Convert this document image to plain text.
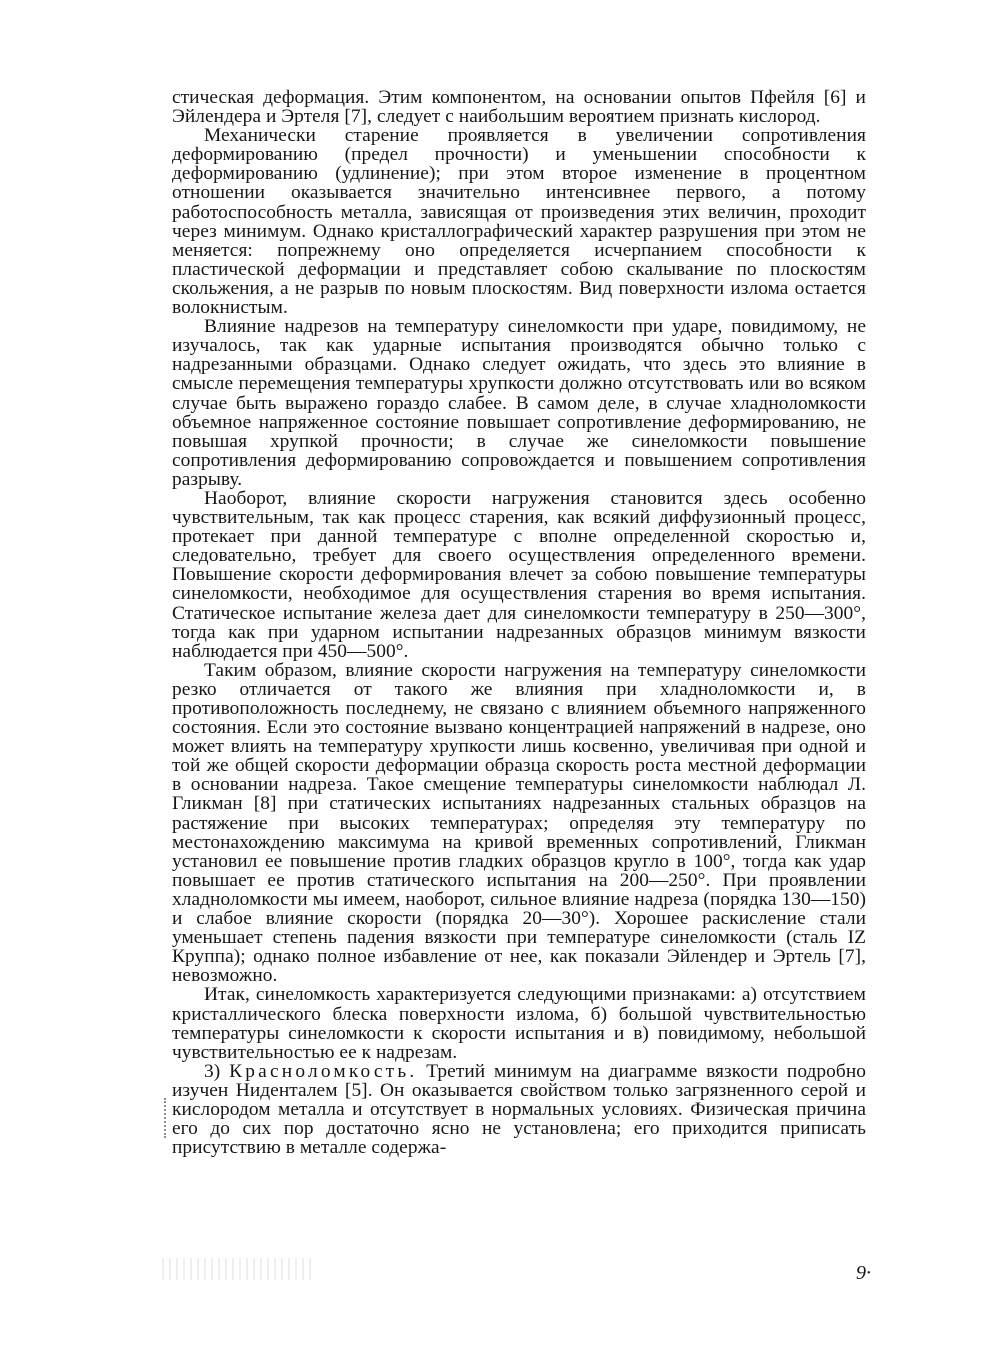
стическая деформация. Этим компонентом, на основании опытов Пфейля [6] и Эйлендера и Эртеля [7], следует с наибольшим вероятием признать кислород.

Механически старение проявляется в увеличении сопротивления деформированию (предел прочности) и уменьшении способности к деформированию (удлинение); при этом второе изменение в процентном отношении оказывается значительно интенсивнее первого, а потому работоспособность металла, зависящая от произведения этих величин, проходит через минимум. Однако кристаллографический характер разрушения при этом не меняется: попрежнему оно определяется исчерпанием способности к пластической деформации и представляет собою скалывание по плоскостям скольжения, а не разрыв по новым плоскостям. Вид поверхности излома остается волокнистым.

Влияние надрезов на температуру синеломкости при ударе, повидимому, не изучалось, так как ударные испытания производятся обычно только с надрезанными образцами. Однако следует ожидать, что здесь это влияние в смысле перемещения температуры хрупкости должно отсутствовать или во всяком случае быть выражено гораздо слабее. В самом деле, в случае хладноломкости объемное напряженное состояние повышает сопротивление деформированию, не повышая хрупкой прочности; в случае же синеломкости повышение сопротивления деформированию сопровождается и повышением сопротивления разрыву.

Наоборот, влияние скорости нагружения становится здесь особенно чувствительным, так как процесс старения, как всякий диффузионный процесс, протекает при данной температуре с вполне определенной скоростью и, следовательно, требует для своего осуществления определенного времени. Повышение скорости деформирования влечет за собою повышение температуры синеломкости, необходимое для осуществления старения во время испытания. Статическое испытание железа дает для синеломкости температуру в 250—300°, тогда как при ударном испытании надрезанных образцов минимум вязкости наблюдается при 450—500°.

Таким образом, влияние скорости нагружения на температуру синеломкости резко отличается от такого же влияния при хладноломкости и, в противоположность последнему, не связано с влиянием объемного напряженного состояния. Если это состояние вызвано концентрацией напряжений в надрезе, оно может влиять на температуру хрупкости лишь косвенно, увеличивая при одной и той же общей скорости деформации образца скорость роста местной деформации в основании надреза. Такое смещение температуры синеломкости наблюдал Л. Гликман [8] при статических испытаниях надрезанных стальных образцов на растяжение при высоких температурах; определяя эту температуру по местонахождению максимума на кривой временных сопротивлений, Гликман установил ее повышение против гладких образцов кругло в 100°, тогда как удар повышает ее против статического испытания на 200—250°. При проявлении хладноломкости мы имеем, наоборот, сильное влияние надреза (порядка 130—150) и слабое влияние скорости (порядка 20—30°). Хорошее раскисление стали уменьшает степень падения вязкости при температуре синеломкости (сталь IZ Круппа); однако полное избавление от нее, как показали Эйлендер и Эртель [7], невозможно.

Итак, синеломкость характеризуется следующими признаками: а) отсутствием кристаллического блеска поверхности излома, б) большой чувствительностью температуры синеломкости к скорости испытания и в) повидимому, небольшой чувствительностью ее к надрезам.

3) Красноломкость. Третий минимум на диаграмме вязкости подробно изучен Ниденталем [5]. Он оказывается свойством только загрязненного серой и кислородом металла и отсутствует в нормальных условиях. Физическая причина его до сих пор достаточно ясно не установлена; его приходится приписать присутствию в металле содержа-

9·
